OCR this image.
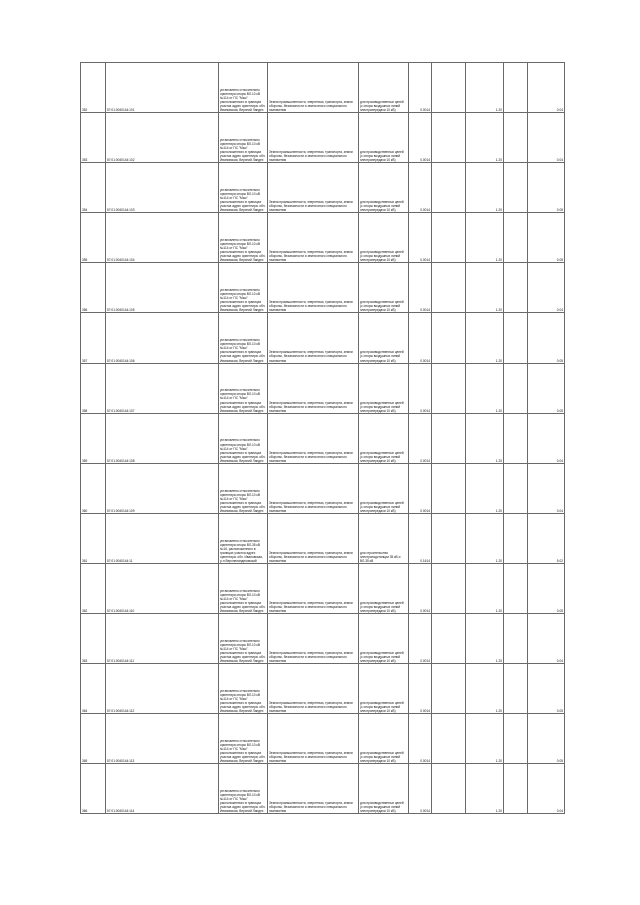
352	57:01:0040144:101	установлено относительно ориентира опоры ВЛ-10 кВ №114 от ПС "Мыс" расположенного в границах участка адрес ориентира: обл. Ивановская, Верхний Ландех	Земли промышленности, энергетики, транспорта, земли обороны, безопасности и земли иного специального назначения	для производственных целей (с опоры воздушных линий электропередачи 10 кВ)	0.0014		1.20		0.04
353	57:01:0040144:102	установлено относительно ориентира опоры ВЛ-10 кВ №114 от ПС "Мыс" расположенного в границах участка адрес ориентира: обл. Ивановская, Верхний Ландех	Земли промышленности, энергетики, транспорта, земли обороны, безопасности и земли иного специального назначения	для производственных целей (с опоры воздушных линий электропередачи 10 кВ)	0.0014		1.20		0.04
354	57:01:0040144:103	установлено относительно ориентира опоры ВЛ-10 кВ №114 от ПС "Мыс" расположенного в границах участка адрес ориентира: обл. Ивановская, Верхний Ландех	Земли промышленности, энергетики, транспорта, земли обороны, безопасности и земли иного специального назначения	для производственных целей (с опоры воздушных линий электропередачи 10 кВ)	0.0014		1.20		0.05
355	57:01:0040144:104	установлено относительно ориентира опоры ВЛ-10 кВ №114 от ПС "Мыс" расположенного в границах участка адрес ориентира: обл. Ивановская, Верхний Ландех	Земли промышленности, энергетики, транспорта, земли обороны, безопасности и земли иного специального назначения	для производственных целей (с опоры воздушных линий электропередачи 10 кВ)	0.0014		1.20		0.05
356	57:01:0040144:105	установлено относительно ориентира опоры ВЛ-10 кВ №114 от ПС "Мыс" расположенного в границах участка адрес ориентира: обл. Ивановская, Верхний Ландех	Земли промышленности, энергетики, транспорта, земли обороны, безопасности и земли иного специального назначения	для производственных целей (с опоры воздушных линий электропередачи 10 кВ)	0.0014		1.20		0.04
357	57:01:0040144:106	установлено относительно ориентира опоры ВЛ-10 кВ №114 от ПС "Мыс" расположенного в границах участка адрес ориентира: обл. Ивановская, Верхний Ландех	Земли промышленности, энергетики, транспорта, земли обороны, безопасности и земли иного специального назначения	для производственных целей (с опоры воздушных линий электропередачи 10 кВ)	0.0014		1.20		0.05
358	57:01:0040144:107	установлено относительно ориентира опоры ВЛ-10 кВ №114 от ПС "Мыс" расположенного в границах участка адрес ориентира: обл. Ивановская, Верхний Ландех	Земли промышленности, энергетики, транспорта, земли обороны, безопасности и земли иного специального назначения	для производственных целей (с опоры воздушных линий электропередачи 10 кВ)	0.0014		1.20		0.05
359	57:01:0040144:108	установлено относительно ориентира опоры ВЛ-10 кВ №114 от ПС "Мыс" расположенного в границах участка адрес ориентира: обл. Ивановская, Верхний Ландех	Земли промышленности, энергетики, транспорта, земли обороны, безопасности и земли иного специального назначения	для производственных целей (с опоры воздушных линий электропередачи 10 кВ)	0.0014		1.20		0.04
360	57:01:0040144:109	установлено относительно ориентира опоры ВЛ-10 кВ №114 от ПС "Мыс" расположенного в границах участка адрес ориентира: обл. Ивановская, Верхний Ландех	Земли промышленности, энергетики, транспорта, земли обороны, безопасности и земли иного специального назначения	для производственных целей (с опоры воздушных линий электропередачи 10 кВ)	0.0014		1.20		0.04
361	57:01:0040144:11	установлено относительно ориентира опоры ВЛ-35 кВ №16, расположенного в границах участка адрес ориентира: обл. Ивановская, р-н Верхнеландеховский	Земли промышленности, энергетики, транспорта, земли обороны, безопасности и земли иного специального назначения	для строительства электроподстанции 35 кВ и ВЛ-35 кВ	0.1614		1.20		5.02
362	57:01:0040144:110	установлено относительно ориентира опоры ВЛ-10 кВ №114 от ПС "Мыс" расположенного в границах участка адрес ориентира: обл. Ивановская, Верхний Ландех	Земли промышленности, энергетики, транспорта, земли обороны, безопасности и земли иного специального назначения	для производственных целей (с опоры воздушных линий электропередачи 10 кВ)	0.0014		1.20		0.05
363	57:01:0040144:111	установлено относительно ориентира опоры ВЛ-10 кВ №114 от ПС "Мыс" расположенного в границах участка адрес ориентира: обл. Ивановская, Верхний Ландех	Земли промышленности, энергетики, транспорта, земли обороны, безопасности и земли иного специального назначения	для производственных целей (с опоры воздушных линий электропередачи 10 кВ)	0.0014		1.20		0.04
364	57:01:0040144:112	установлено относительно ориентира опоры ВЛ-10 кВ №114 от ПС "Мыс" расположенного в границах участка адрес ориентира: обл. Ивановская, Верхний Ландех	Земли промышленности, энергетики, транспорта, земли обороны, безопасности и земли иного специального назначения	для производственных целей (с опоры воздушных линий электропередачи 10 кВ)	0.0014		1.20		0.05
365	57:01:0040144:113	установлено относительно ориентира опоры ВЛ-10 кВ №114 от ПС "Мыс" расположенного в границах участка адрес ориентира: обл. Ивановская, Верхний Ландех	Земли промышленности, энергетики, транспорта, земли обороны, безопасности и земли иного специального назначения	для производственных целей (с опоры воздушных линий электропередачи 10 кВ)	0.0014		1.20		0.05
366	57:01:0040144:114	установлено относительно ориентира опоры ВЛ-10 кВ №114 от ПС "Мыс" расположенного в границах участка адрес ориентира: обл. Ивановская, Верхний Ландех	Земли промышленности, энергетики, транспорта, земли обороны, безопасности и земли иного специального назначения	для производственных целей (с опоры воздушных линий электропередачи 10 кВ)	0.0014		1.20		0.04
